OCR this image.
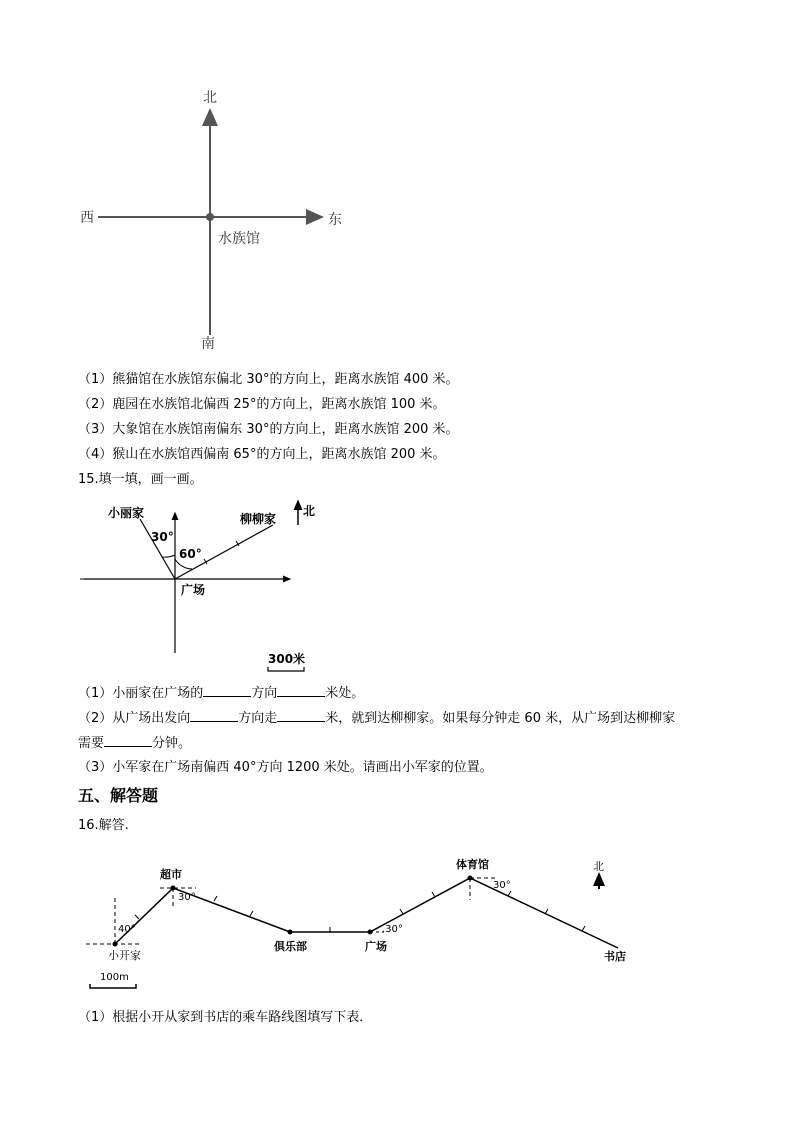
北
南
西	东
水族馆
（1）熊猫馆在水族馆东偏北 30°的方向上，距离水族馆 400 米。
（2）鹿园在水族馆北偏西 25°的方向上，距离水族馆 100 米。
（3）大象馆在水族馆南偏东 30°的方向上，距离水族馆 200 米。
（4）猴山在水族馆西偏南 65°的方向上，距离水族馆 200 米。
15.填一填，画一画。
北
小丽家	柳柳家
30°
60°
广场
300米
（1）小丽家在广场的	方向	米处。
（2）从广场出发向	方向走	米，就到达柳柳家。如果每分钟走 60 米，从广场到达柳柳家
需要	分钟。
（3）小军家在广场南偏西 40°方向 1200 米处。请画出小军家的位置。
五、解答题
16.解答.
北
超市
体育馆
小开家
俱乐部	广场
书店
40°
30°
.30°
30°
100m
（1）根据小开从家到书店的乘车路线图填写下表．
